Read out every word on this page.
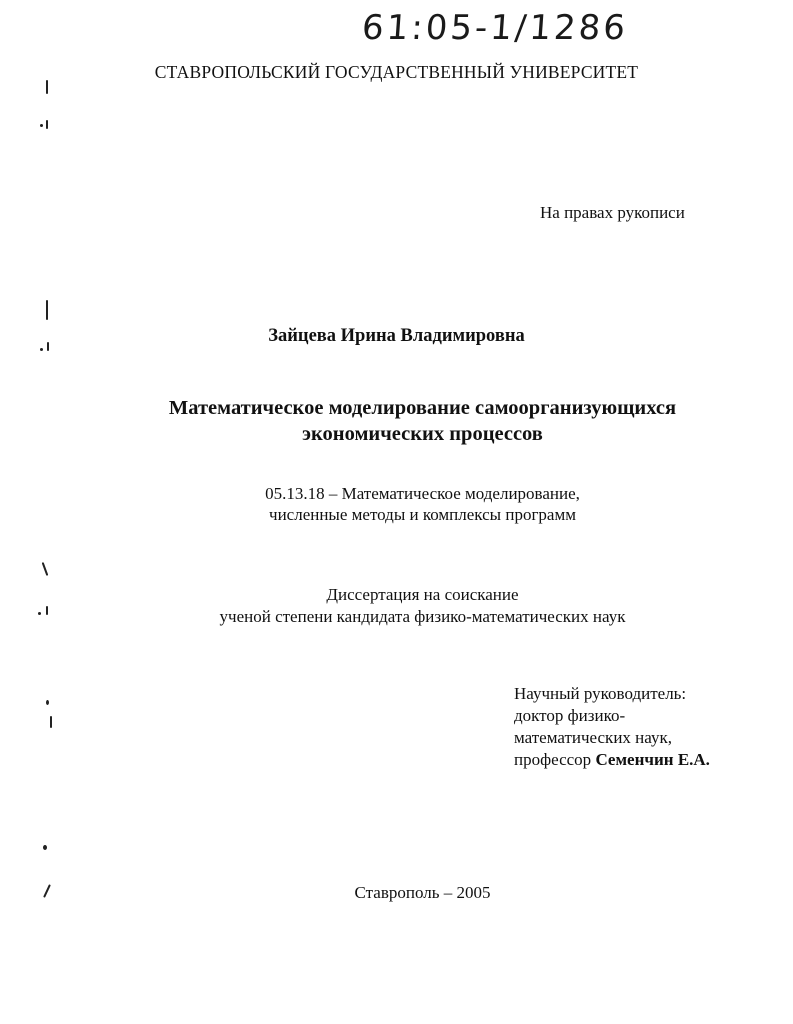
61:05-1/1286
СТАВРОПОЛЬСКИЙ ГОСУДАРСТВЕННЫЙ УНИВЕРСИТЕТ
На правах рукописи
Зайцева Ирина Владимировна
Математическое моделирование самоорганизующихся
экономических процессов
05.13.18 – Математическое моделирование,
численные методы и комплексы программ
Диссертация на соискание
ученой степени кандидата физико-математических наук
Научный руководитель:
доктор физико-
математических наук,
профессор Семенчин Е.А.
Ставрополь – 2005
